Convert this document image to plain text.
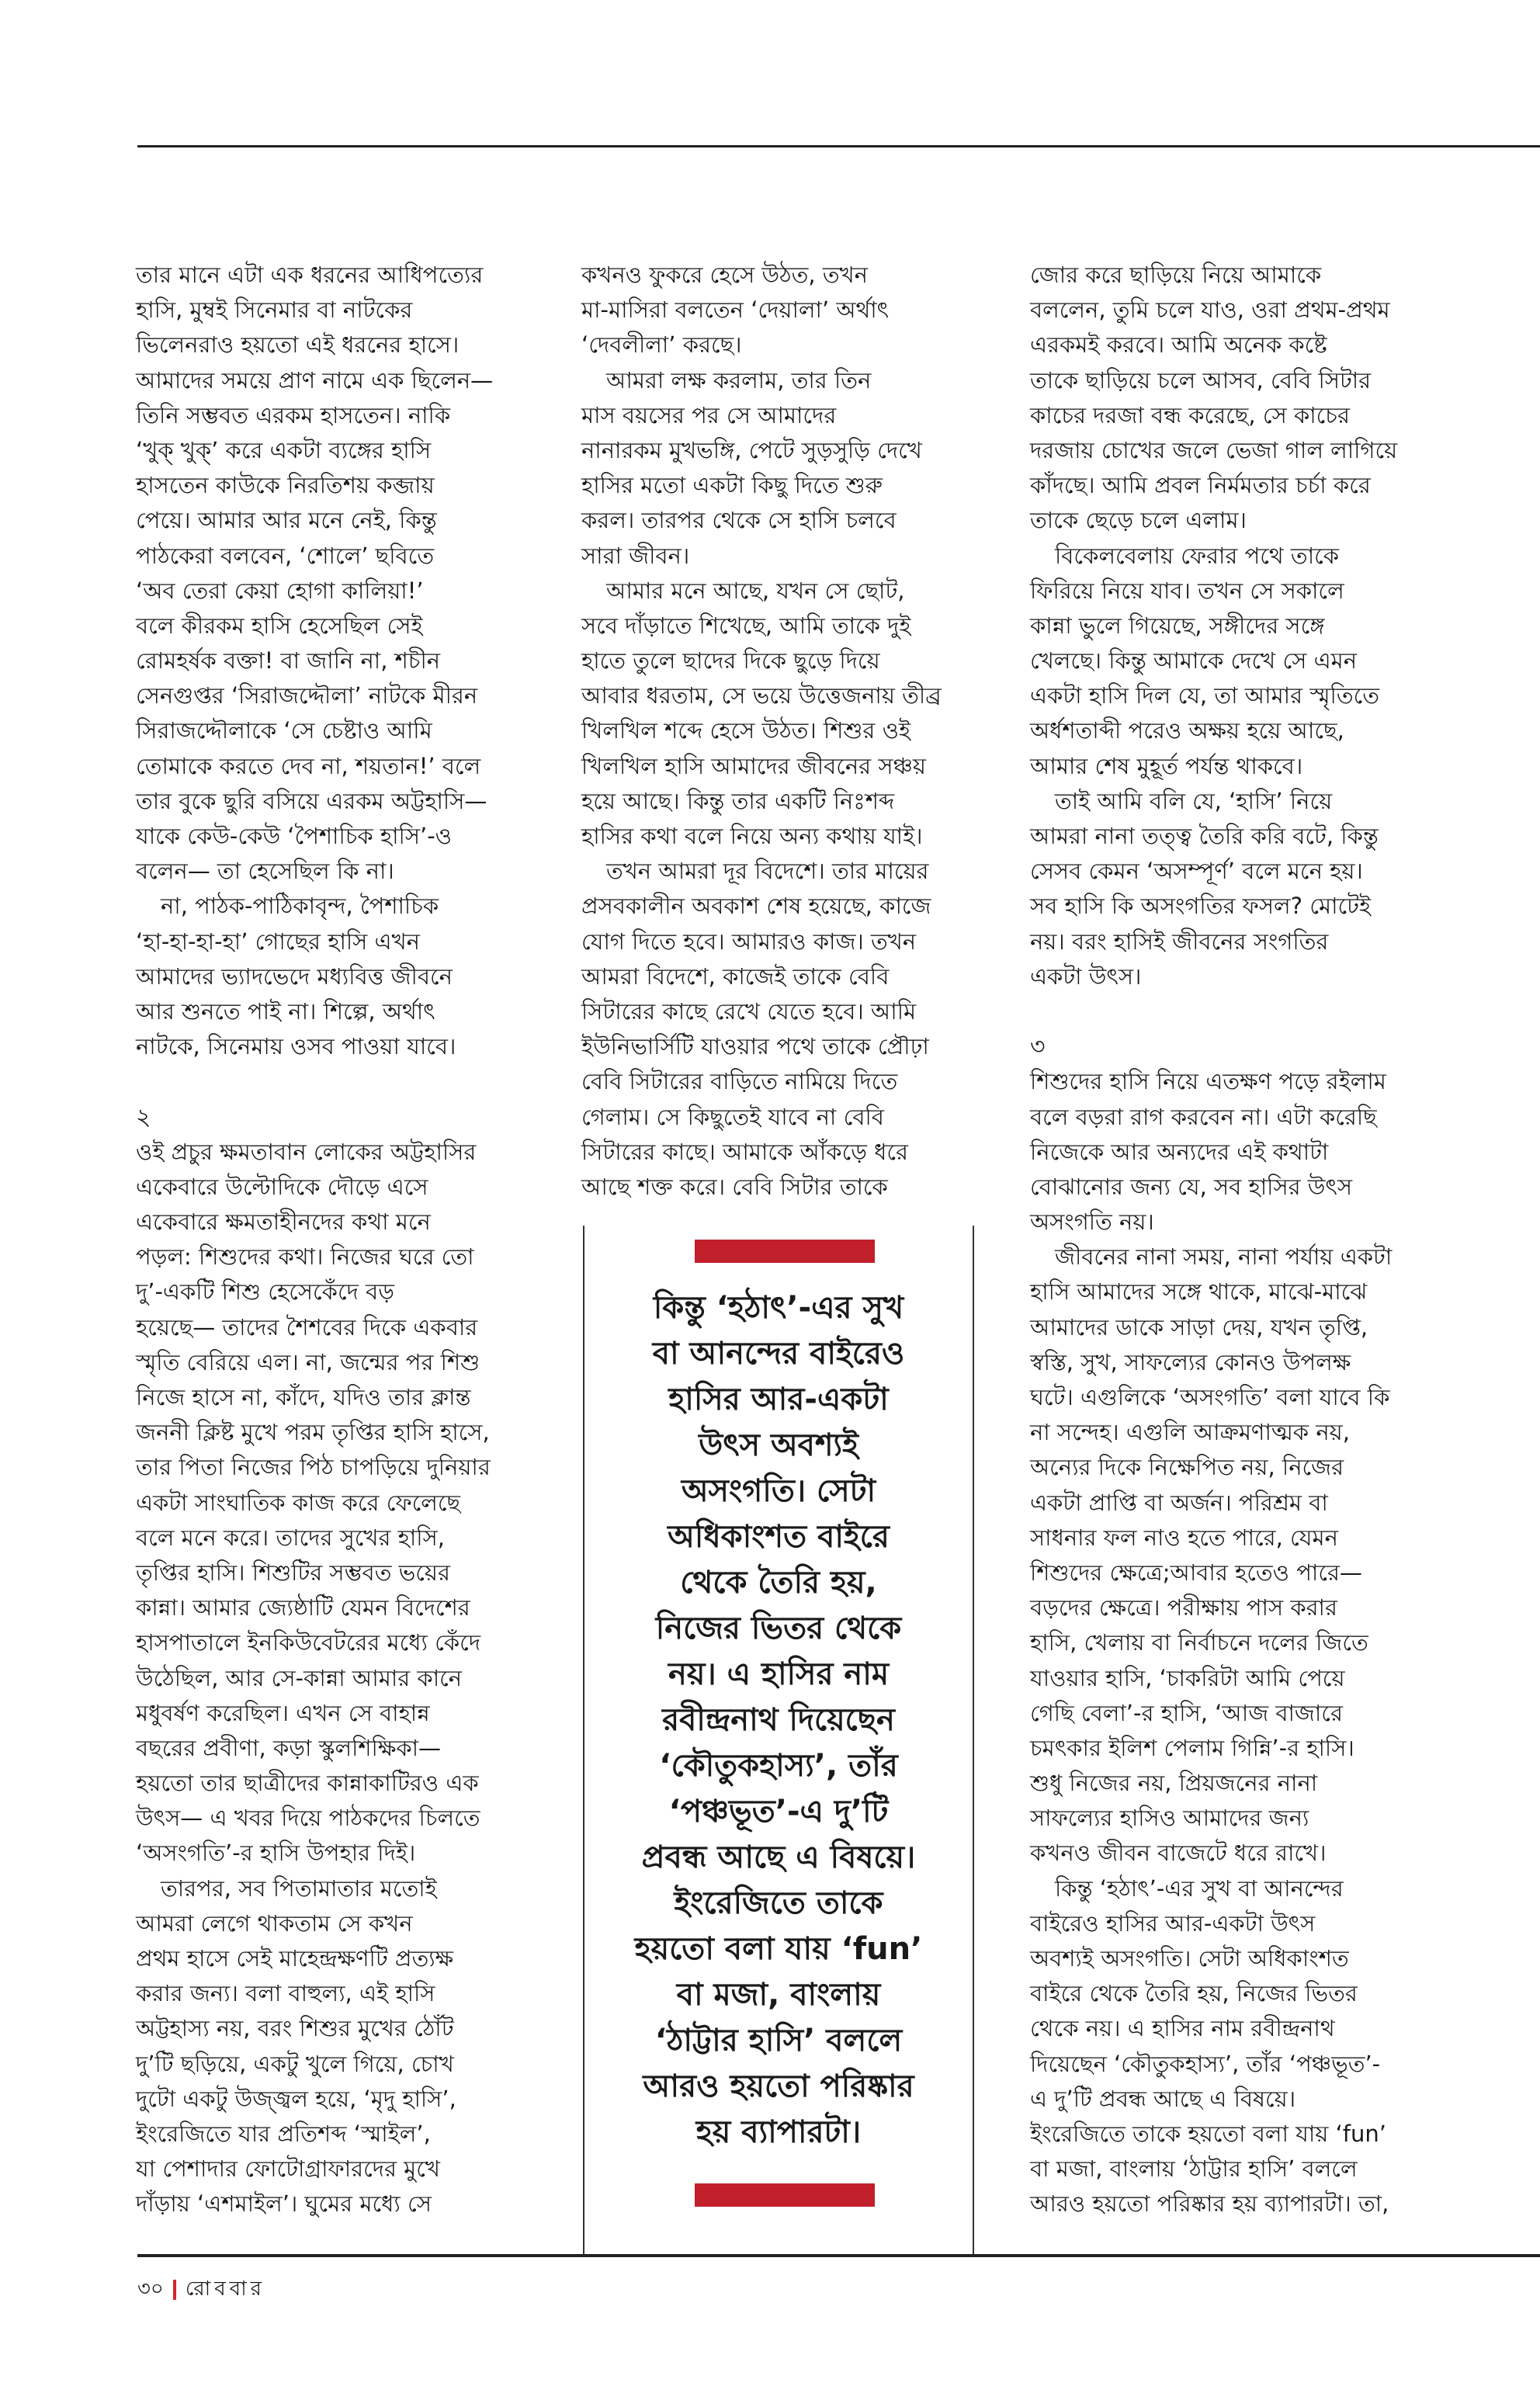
তার মানে এটা এক ধরনের আধিপত্যের
হাসি, মুম্বই সিনেমার বা নাটকের
ভিলেনরাও হয়তো এই ধরনের হাসে।
আমাদের সময়ে প্রাণ নামে এক ছিলেন—
তিনি সম্ভবত এরকম হাসতেন। নাকি
‘খুক্ খুক্’ করে একটা ব্যঙ্গের হাসি
হাসতেন কাউকে নিরতিশয় কব্জায়
পেয়ে। আমার আর মনে নেই, কিন্তু
পাঠকেরা বলবেন, ‘শোলে’ ছবিতে
‘অব তেরা কেয়া হোগা কালিয়া!’
বলে কীরকম হাসি হেসেছিল সেই
রোমহর্ষক বক্তা! বা জানি না, শচীন
সেনগুপ্তর ‘সিরাজদ্দৌলা’ নাটকে মীরন
সিরাজদ্দৌলাকে ‘সে চেষ্টাও আমি
তোমাকে করতে দেব না, শয়তান!’ বলে
তার বুকে ছুরি বসিয়ে এরকম অট্টহাসি—
যাকে কেউ-কেউ ‘পৈশাচিক হাসি’-ও
বলেন— তা হেসেছিল কি না।
না, পাঠক-পাঠিকাবৃন্দ, পৈশাচিক
‘হা-হা-হা-হা’ গোছের হাসি এখন
আমাদের ভ্যাদভেদে মধ্যবিত্ত জীবনে
আর শুনতে পাই না। শিল্পে, অর্থাৎ
নাটকে, সিনেমায় ওসব পাওয়া যাবে।
২
ওই প্রচুর ক্ষমতাবান লোকের অট্টহাসির
একেবারে উল্টোদিকে দৌড়ে এসে
একেবারে ক্ষমতাহীনদের কথা মনে
পড়ল: শিশুদের কথা। নিজের ঘরে তো
দু’-একটি শিশু হেসেকেঁদে বড়
হয়েছে— তাদের শৈশবের দিকে একবার
স্মৃতি বেরিয়ে এল। না, জন্মের পর শিশু
নিজে হাসে না, কাঁদে, যদিও তার ক্লান্ত
জননী ক্লিষ্ট মুখে পরম তৃপ্তির হাসি হাসে,
তার পিতা নিজের পিঠ চাপড়িয়ে দুনিয়ার
একটা সাংঘাতিক কাজ করে ফেলেছে
বলে মনে করে। তাদের সুখের হাসি,
তৃপ্তির হাসি। শিশুটির সম্ভবত ভয়ের
কান্না। আমার জ্যেষ্ঠাটি যেমন বিদেশের
হাসপাতালে ইনকিউবেটরের মধ্যে কেঁদে
উঠেছিল, আর সে-কান্না আমার কানে
মধুবর্ষণ করেছিল। এখন সে বাহান্ন
বছরের প্রবীণা, কড়া স্কুলশিক্ষিকা—
হয়তো তার ছাত্রীদের কান্নাকাটিরও এক
উৎস— এ খবর দিয়ে পাঠকদের চিলতে
‘অসংগতি’-র হাসি উপহার দিই।
তারপর, সব পিতামাতার মতোই
আমরা লেগে থাকতাম সে কখন
প্রথম হাসে সেই মাহেন্দ্রক্ষণটি প্রত্যক্ষ
করার জন্য। বলা বাহুল্য, এই হাসি
অট্টহাস্য নয়, বরং শিশুর মুখের ঠোঁট
দু’টি ছড়িয়ে, একটু খুলে গিয়ে, চোখ
দুটো একটু উজ্জ্বল হয়ে, ‘মৃদু হাসি’,
ইংরেজিতে যার প্রতিশব্দ ‘স্মাইল’,
যা পেশাদার ফোটোগ্রাফারদের মুখে
দাঁড়ায় ‘এশমাইল’। ঘুমের মধ্যে সে
কখনও ফুকরে হেসে উঠত, তখন
মা-মাসিরা বলতেন ‘দেয়ালা’ অর্থাৎ
‘দেবলীলা’ করছে।
আমরা লক্ষ করলাম, তার তিন
মাস বয়সের পর সে আমাদের
নানারকম মুখভঙ্গি, পেটে সুড়সুড়ি দেখে
হাসির মতো একটা কিছু দিতে শুরু
করল। তারপর থেকে সে হাসি চলবে
সারা জীবন।
আমার মনে আছে, যখন সে ছোট,
সবে দাঁড়াতে শিখেছে, আমি তাকে দুই
হাতে তুলে ছাদের দিকে ছুড়ে দিয়ে
আবার ধরতাম, সে ভয়ে উত্তেজনায় তীব্র
খিলখিল শব্দে হেসে উঠত। শিশুর ওই
খিলখিল হাসি আমাদের জীবনের সঞ্চয়
হয়ে আছে। কিন্তু তার একটি নিঃশব্দ
হাসির কথা বলে নিয়ে অন্য কথায় যাই।
তখন আমরা দূর বিদেশে। তার মায়ের
প্রসবকালীন অবকাশ শেষ হয়েছে, কাজে
যোগ দিতে হবে। আমারও কাজ। তখন
আমরা বিদেশে, কাজেই তাকে বেবি
সিটারের কাছে রেখে যেতে হবে। আমি
ইউনিভার্সিটি যাওয়ার পথে তাকে প্রৌঢ়া
বেবি সিটারের বাড়িতে নামিয়ে দিতে
গেলাম। সে কিছুতেই যাবে না বেবি
সিটারের কাছে। আমাকে আঁকড়ে ধরে
আছে শক্ত করে। বেবি সিটার তাকে
জোর করে ছাড়িয়ে নিয়ে আমাকে
বললেন, তুমি চলে যাও, ওরা প্রথম-প্রথম
এরকমই করবে। আমি অনেক কষ্টে
তাকে ছাড়িয়ে চলে আসব, বেবি সিটার
কাচের দরজা বন্ধ করেছে, সে কাচের
দরজায় চোখের জলে ভেজা গাল লাগিয়ে
কাঁদছে। আমি প্রবল নির্মমতার চর্চা করে
তাকে ছেড়ে চলে এলাম।
বিকেলবেলায় ফেরার পথে তাকে
ফিরিয়ে নিয়ে যাব। তখন সে সকালে
কান্না ভুলে গিয়েছে, সঙ্গীদের সঙ্গে
খেলছে। কিন্তু আমাকে দেখে সে এমন
একটা হাসি দিল যে, তা আমার স্মৃতিতে
অর্ধশতাব্দী পরেও অক্ষয় হয়ে আছে,
আমার শেষ মুহূর্ত পর্যন্ত থাকবে।
তাই আমি বলি যে, ‘হাসি’ নিয়ে
আমরা নানা তত্ত্ব তৈরি করি বটে, কিন্তু
সেসব কেমন ‘অসম্পূর্ণ’ বলে মনে হয়।
সব হাসি কি অসংগতির ফসল? মোটেই
নয়। বরং হাসিই জীবনের সংগতির
একটা উৎস।
৩
শিশুদের হাসি নিয়ে এতক্ষণ পড়ে রইলাম
বলে বড়রা রাগ করবেন না। এটা করেছি
নিজেকে আর অন্যদের এই কথাটা
বোঝানোর জন্য যে, সব হাসির উৎস
অসংগতি নয়।
জীবনের নানা সময়, নানা পর্যায় একটা
হাসি আমাদের সঙ্গে থাকে, মাঝে-মাঝে
আমাদের ডাকে সাড়া দেয়, যখন তৃপ্তি,
স্বস্তি, সুখ, সাফল্যের কোনও উপলক্ষ
ঘটে। এগুলিকে ‘অসংগতি’ বলা যাবে কি
না সন্দেহ। এগুলি আক্রমণাত্মক নয়,
অন্যের দিকে নিক্ষেপিত নয়, নিজের
একটা প্রাপ্তি বা অর্জন। পরিশ্রম বা
সাধনার ফল নাও হতে পারে, যেমন
শিশুদের ক্ষেত্রে;আবার হতেও পারে—
বড়দের ক্ষেত্রে। পরীক্ষায় পাস করার
হাসি, খেলায় বা নির্বাচনে দলের জিতে
যাওয়ার হাসি, ‘চাকরিটা আমি পেয়ে
গেছি বেলা’-র হাসি, ‘আজ বাজারে
চমৎকার ইলিশ পেলাম গিন্নি’-র হাসি।
শুধু নিজের নয়, প্রিয়জনের নানা
সাফল্যের হাসিও আমাদের জন্য
কখনও জীবন বাজেটে ধরে রাখে।
কিন্তু ‘হঠাৎ’-এর সুখ বা আনন্দের
বাইরেও হাসির আর-একটা উৎস
অবশ্যই অসংগতি। সেটা অধিকাংশত
বাইরে থেকে তৈরি হয়, নিজের ভিতর
থেকে নয়। এ হাসির নাম রবীন্দ্রনাথ
দিয়েছেন ‘কৌতুকহাস্য’, তাঁর ‘পঞ্চভূত’-
এ দু’টি প্রবন্ধ আছে এ বিষয়ে।
ইংরেজিতে তাকে হয়তো বলা যায় ‘fun’
বা মজা, বাংলায় ‘ঠাট্টার হাসি’ বললে
আরও হয়তো পরিষ্কার হয় ব্যাপারটা। তা,
কিন্তু ‘হঠাৎ’-এর সুখ
বা আনন্দের বাইরেও
হাসির আর-একটা
উৎস অবশ্যই
অসংগতি। সেটা
অধিকাংশত বাইরে
থেকে তৈরি হয়,
নিজের ভিতর থেকে
নয়। এ হাসির নাম
রবীন্দ্রনাথ দিয়েছেন
‘কৌতুকহাস্য’, তাঁর
‘পঞ্চভূত’-এ দু’টি
প্রবন্ধ আছে এ বিষয়ে।
ইংরেজিতে তাকে
হয়তো বলা যায় ‘fun’
বা মজা, বাংলায়
‘ঠাট্টার হাসি’ বললে
আরও হয়তো পরিষ্কার
হয় ব্যাপারটা।
৩০ রোববার
